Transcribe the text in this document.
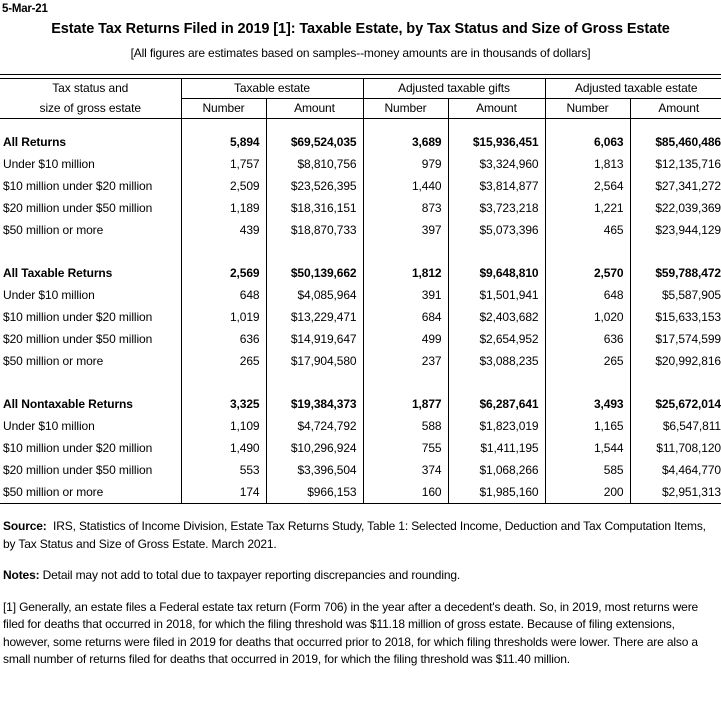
5-Mar-21
Estate Tax Returns Filed in 2019 [1]: Taxable Estate, by Tax Status and Size of Gross Estate
[All figures are estimates based on samples--money amounts are in thousands of dollars]

Tax status and	Taxable estate		Adjusted taxable gifts		Adjusted taxable estate	
size of gross estate	Number	Amount	Number	Amount	Number	Amount

All Returns	5,894	$69,524,035	3,689	$15,936,451	6,063	$85,460,486
Under $10 million	1,757	$8,810,756	979	$3,324,960	1,813	$12,135,716
$10 million under $20 million	2,509	$23,526,395	1,440	$3,814,877	2,564	$27,341,272
$20 million under $50 million	1,189	$18,316,151	873	$3,723,218	1,221	$22,039,369
$50 million or more	439	$18,870,733	397	$5,073,396	465	$23,944,129

All Taxable Returns	2,569	$50,139,662	1,812	$9,648,810	2,570	$59,788,472
Under $10 million	648	$4,085,964	391	$1,501,941	648	$5,587,905
$10 million under $20 million	1,019	$13,229,471	684	$2,403,682	1,020	$15,633,153
$20 million under $50 million	636	$14,919,647	499	$2,654,952	636	$17,574,599
$50 million or more	265	$17,904,580	237	$3,088,235	265	$20,992,816

All Nontaxable Returns	3,325	$19,384,373	1,877	$6,287,641	3,493	$25,672,014
Under $10 million	1,109	$4,724,792	588	$1,823,019	1,165	$6,547,811
$10 million under $20 million	1,490	$10,296,924	755	$1,411,195	1,544	$11,708,120
$20 million under $50 million	553	$3,396,504	374	$1,068,266	585	$4,464,770
$50 million or more	174	$966,153	160	$1,985,160	200	$2,951,313

Source: IRS, Statistics of Income Division, Estate Tax Returns Study, Table 1: Selected Income, Deduction and Tax Computation Items, by Tax Status and Size of Gross Estate. March 2021.

Notes: Detail may not add to total due to taxpayer reporting discrepancies and rounding.

[1] Generally, an estate files a Federal estate tax return (Form 706) in the year after a decedent's death. So, in 2019, most returns were filed for deaths that occurred in 2018, for which the filing threshold was $11.18 million of gross estate. Because of filing extensions, however, some returns were filed in 2019 for deaths that occurred prior to 2018, for which filing thresholds were lower. There are also a small number of returns filed for deaths that occurred in 2019, for which the filing threshold was $11.40 million.
